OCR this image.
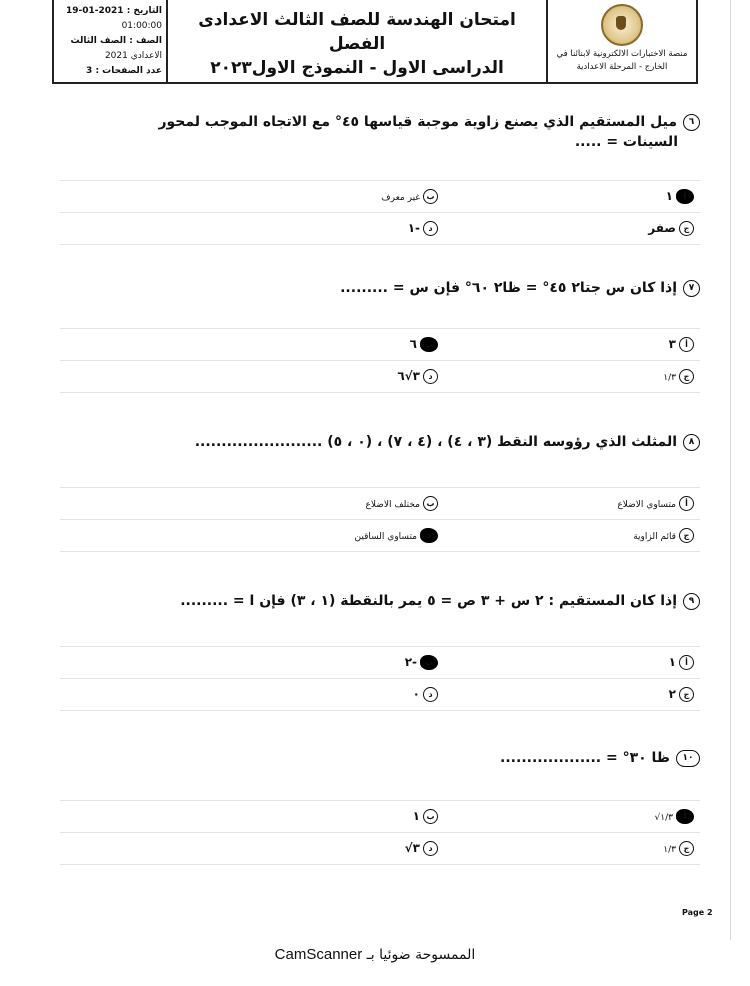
التاريخ : 2021-01-19
01:00:00
الصف : الصف الثالث
الاعدادي 2021
عدد الصفحات : 3
امتحان الهندسة للصف الثالث الاعدادى الفصل
الدراسى الاول - النموذج الاول٢٠٢٣
منصة الاختبارات الالكترونية لابنائنا في
الخارج - المرحلة الاعدادية
٦ميل المستقيم الذي يصنع زاوية موجبة قياسها ٤٥° مع الاتجاه الموجب لمحور
السينات = .....
أ١
بغير معرف
جصفر
د-١
٧إذا كان س جتا٢ ٤٥° = ظا٢ ٦٠° فإن س = .........
أ٣
ب٦
ج١/٣
د٣√٦
٨المثلث الذي رؤوسه النقط (٣ ، ٤) ، (٤ ، ٧) ، (٠ ، ٥) ........................
أمتساوي الاضلاع
بمختلف الاضلاع
جقائم الزاوية
دمتساوي الساقين
٩إذا كان المستقيم : ٢ س + ٣ ص = ٥ يمر بالنقطة (١ ، ٣) فإن ا = .........
أ١
ب-٢
ج٢
د٠
١٠ظا ٣٠° = ...................
أ١/٣√
ب١
ج١/٣
د٣√
Page 2
الممسوحة ضوئيا بـ CamScanner
